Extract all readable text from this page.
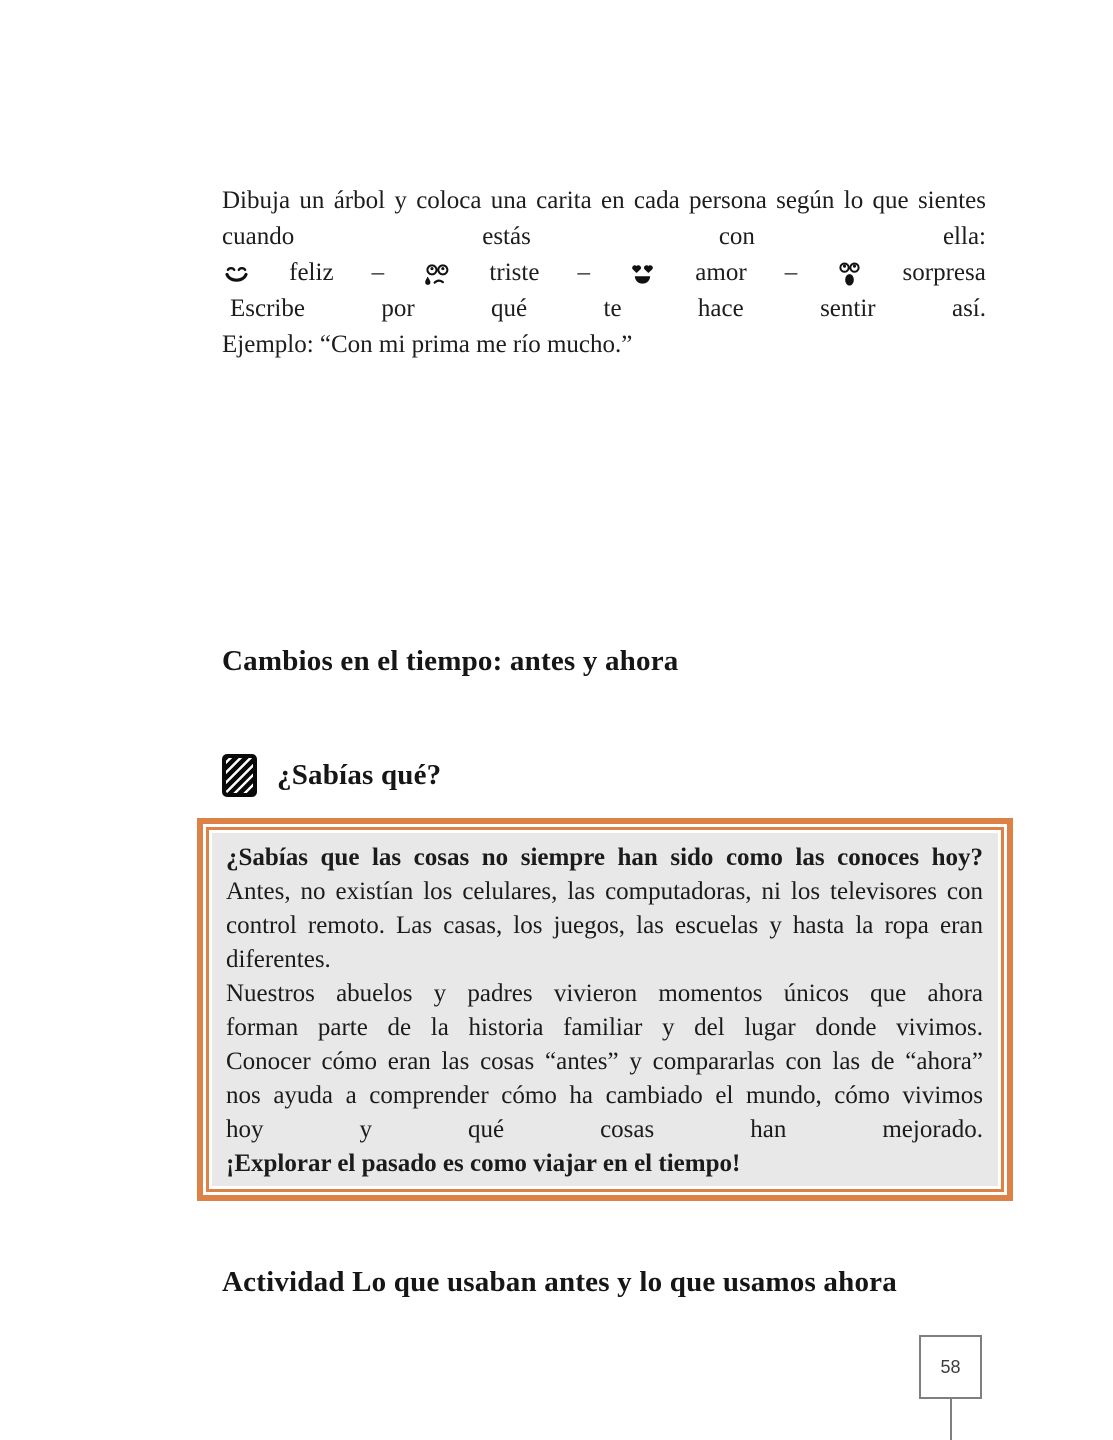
Dibuja un árbol y coloca una carita en cada persona según lo que sientes
cuando estás con ella:
feliz –	triste –	amor –	sorpresa
Escribe por qué te hace sentir así.
Ejemplo: “Con mi prima me río mucho.”
Cambios en el tiempo: antes y ahora
¿Sabías qué?
¿Sabías que las cosas no siempre han sido como las conoces hoy?
Antes, no existían los celulares, las computadoras, ni los televisores con
control remoto. Las casas, los juegos, las escuelas y hasta la ropa eran
diferentes.
Nuestros abuelos y padres vivieron momentos únicos que ahora
forman parte de la historia familiar y del lugar donde vivimos.
Conocer cómo eran las cosas “antes” y compararlas con las de “ahora”
nos ayuda a comprender cómo ha cambiado el mundo, cómo vivimos
hoy y qué cosas han mejorado.
¡Explorar el pasado es como viajar en el tiempo!
Actividad Lo que usaban antes y lo que usamos ahora
58
